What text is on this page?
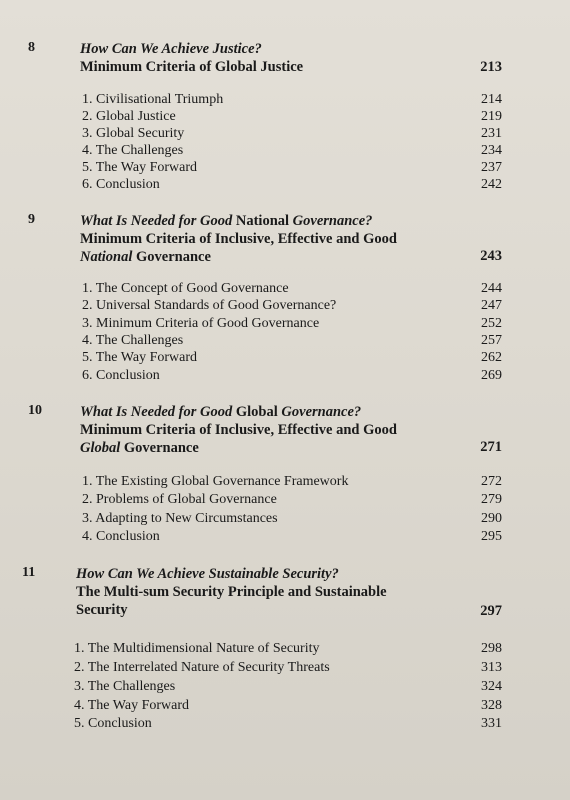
8	How Can We Achieve Justice?
Minimum Criteria of Global Justice	213
1. Civilisational Triumph	214
2. Global Justice	219
3. Global Security	231
4. The Challenges	234
5. The Way Forward	237
6. Conclusion	242
9	What Is Needed for Good National Governance?
Minimum Criteria of Inclusive, Effective and Good
National Governance	243
1. The Concept of Good Governance	244
2. Universal Standards of Good Governance?	247
3. Minimum Criteria of Good Governance	252
4. The Challenges	257
5. The Way Forward	262
6. Conclusion	269
10	What Is Needed for Good Global Governance?
Minimum Criteria of Inclusive, Effective and Good
Global Governance	271
1. The Existing Global Governance Framework	272
2. Problems of Global Governance	279
3. Adapting to New Circumstances	290
4. Conclusion	295
11	How Can We Achieve Sustainable Security?
The Multi-sum Security Principle and Sustainable
Security	297
1. The Multidimensional Nature of Security	298
2. The Interrelated Nature of Security Threats	313
3. The Challenges	324
4. The Way Forward	328
5. Conclusion	331
